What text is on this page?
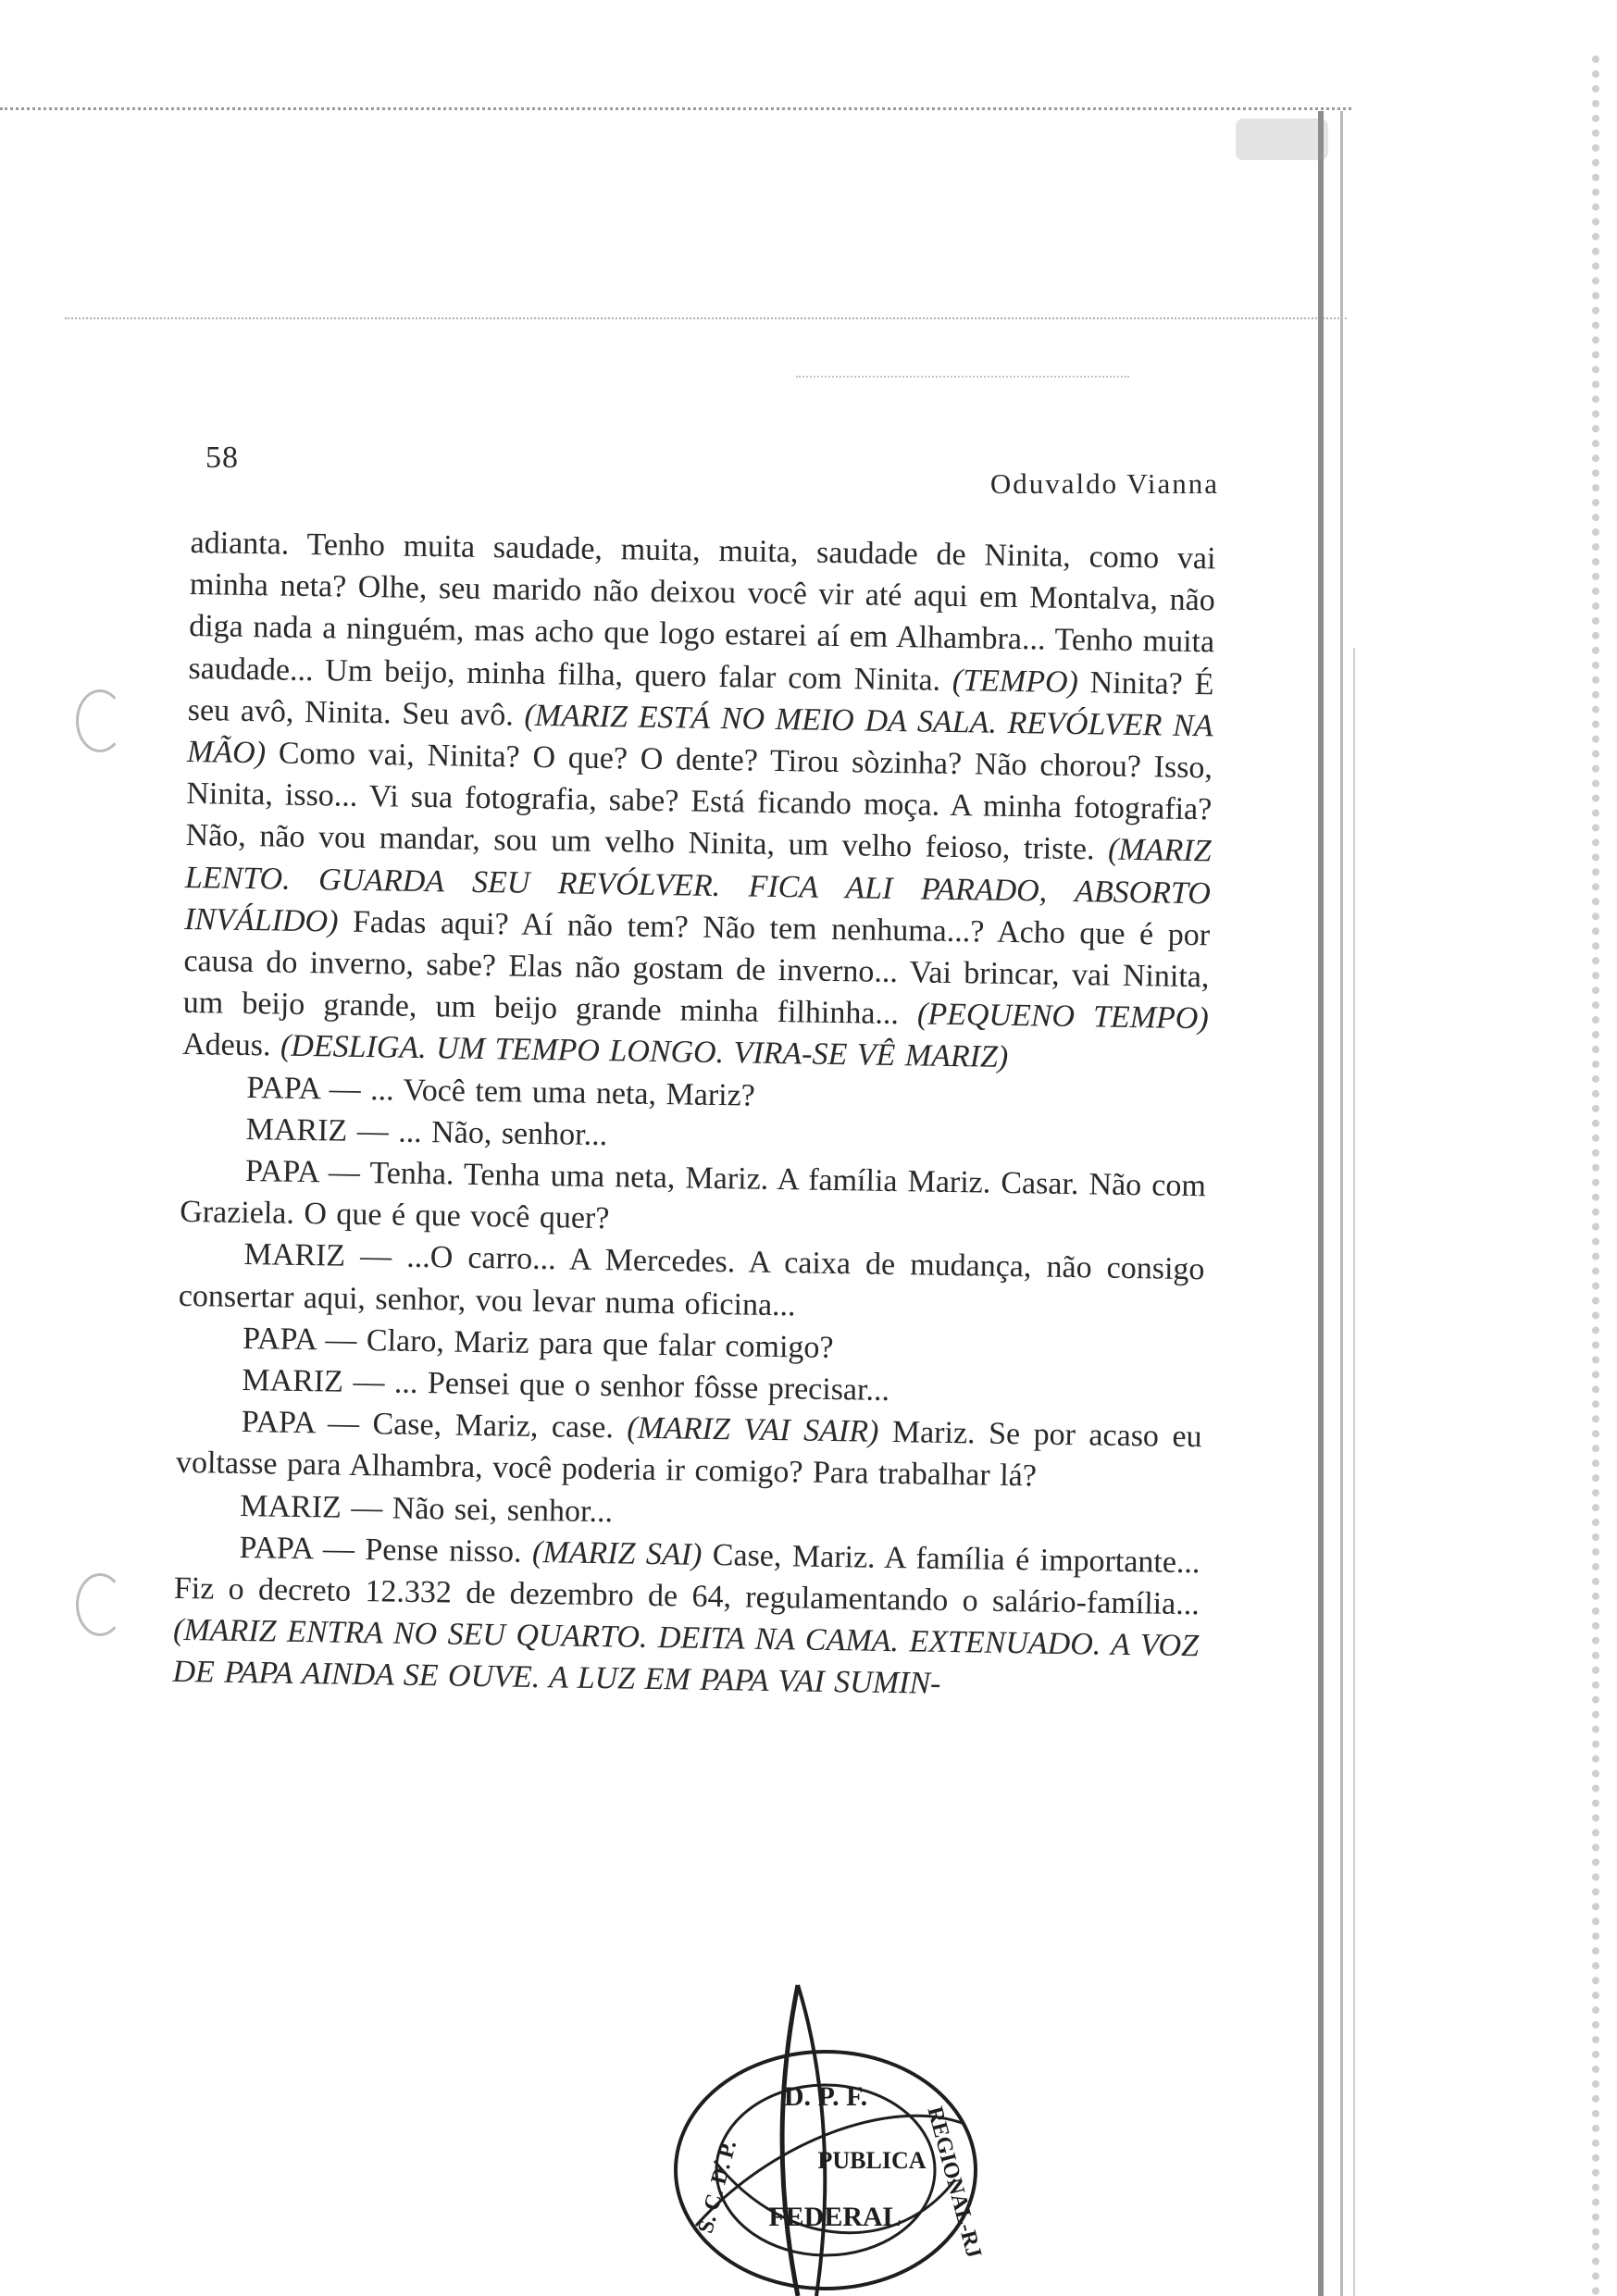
58
Oduvaldo Vianna

adianta. Tenho muita saudade, muita, muita, saudade de Ninita, como vai minha neta? Olhe, seu marido não deixou você vir até aqui em Montalva, não diga nada a ninguém, mas acho que logo estarei aí em Alhambra... Tenho muita saudade... Um beijo, minha filha, quero falar com Ninita. (TEMPO) Ninita? É seu avô, Ninita. Seu avô. (MARIZ ESTÁ NO MEIO DA SALA. REVÓLVER NA MÃO) Como vai, Ninita? O que? O dente? Tirou sòzinha? Não chorou? Isso, Ninita, isso... Vi sua fotografia, sabe? Está ficando moça. A minha fotografia? Não, não vou mandar, sou um velho Ninita, um velho feioso, triste. (MARIZ LENTO. GUARDA SEU REVÓLVER. FICA ALI PARADO, ABSORTO INVÁLIDO) Fadas aqui? Aí não tem? Não tem nenhuma...? Acho que é por causa do inverno, sabe? Elas não gostam de inverno... Vai brincar, vai Ninita, um beijo grande, um beijo grande minha filhinha... (PEQUENO TEMPO) Adeus. (DESLIGA. UM TEMPO LONGO. VIRA-SE VÊ MARIZ)

PAPA — ... Você tem uma neta, Mariz?

MARIZ — ... Não, senhor...

PAPA — Tenha. Tenha uma neta, Mariz. A família Mariz. Casar. Não com Graziela. O que é que você quer?

MARIZ — ...O carro... A Mercedes. A caixa de mudança, não consigo consertar aqui, senhor, vou levar numa oficina...

PAPA — Claro, Mariz para que falar comigo?

MARIZ — ... Pensei que o senhor fôsse precisar...

PAPA — Case, Mariz, case. (MARIZ VAI SAIR) Mariz. Se por acaso eu voltasse para Alhambra, você poderia ir comigo? Para trabalhar lá?

MARIZ — Não sei, senhor...

PAPA — Pense nisso. (MARIZ SAI) Case, Mariz. A família é importante... Fiz o decreto 12.332 de dezembro de 64, regulamentando o salário-família... (MARIZ ENTRA NO SEU QUARTO. DEITA NA CAMA. EXTENUADO. A VOZ DE PAPA AINDA SE OUVE. A LUZ EM PAPA VAI SUMIN-

D. P. F.
PUBLICA
FEDERAL
S. C. D. P.	REGIONAL-RJ
